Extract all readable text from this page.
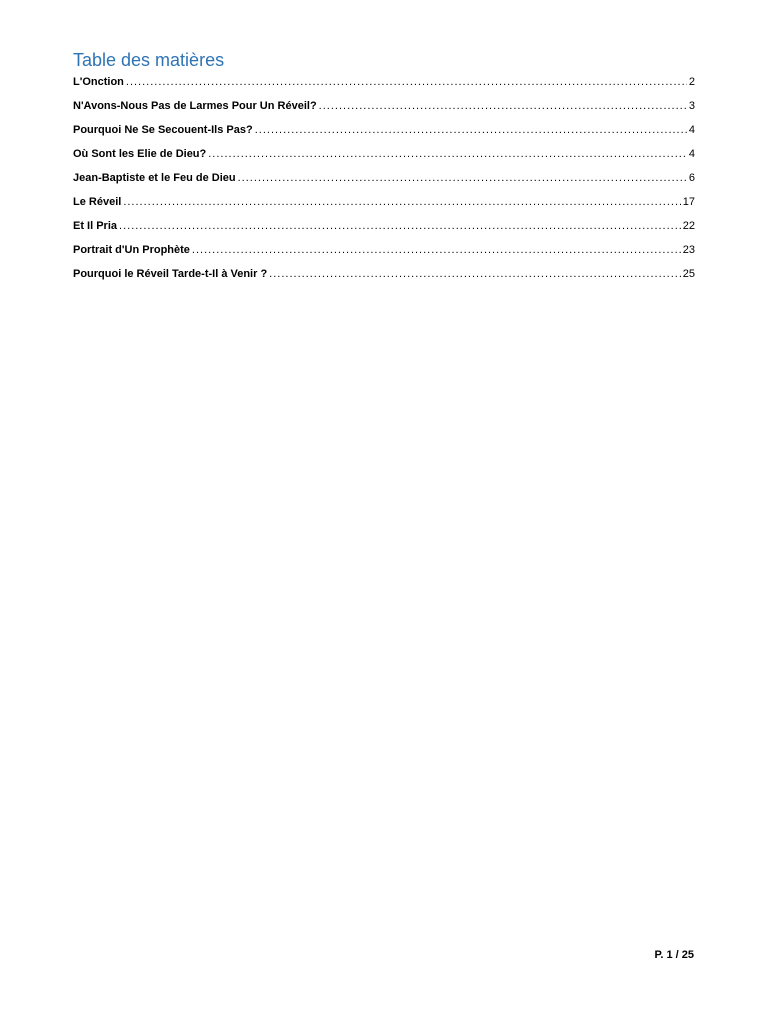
Table des matières
L'Onction .....	2
N'Avons-Nous Pas de Larmes Pour Un Réveil? .....	3
Pourquoi Ne Se Secouent-Ils Pas? .....	4
Où Sont les Elie de Dieu? .....	4
Jean-Baptiste et le Feu de Dieu .....	6
Le Réveil .....	17
Et Il Pria .....	22
Portrait d'Un Prophète .....	23
Pourquoi le Réveil Tarde-t-Il à Venir ? .....	25
P. 1 / 25
